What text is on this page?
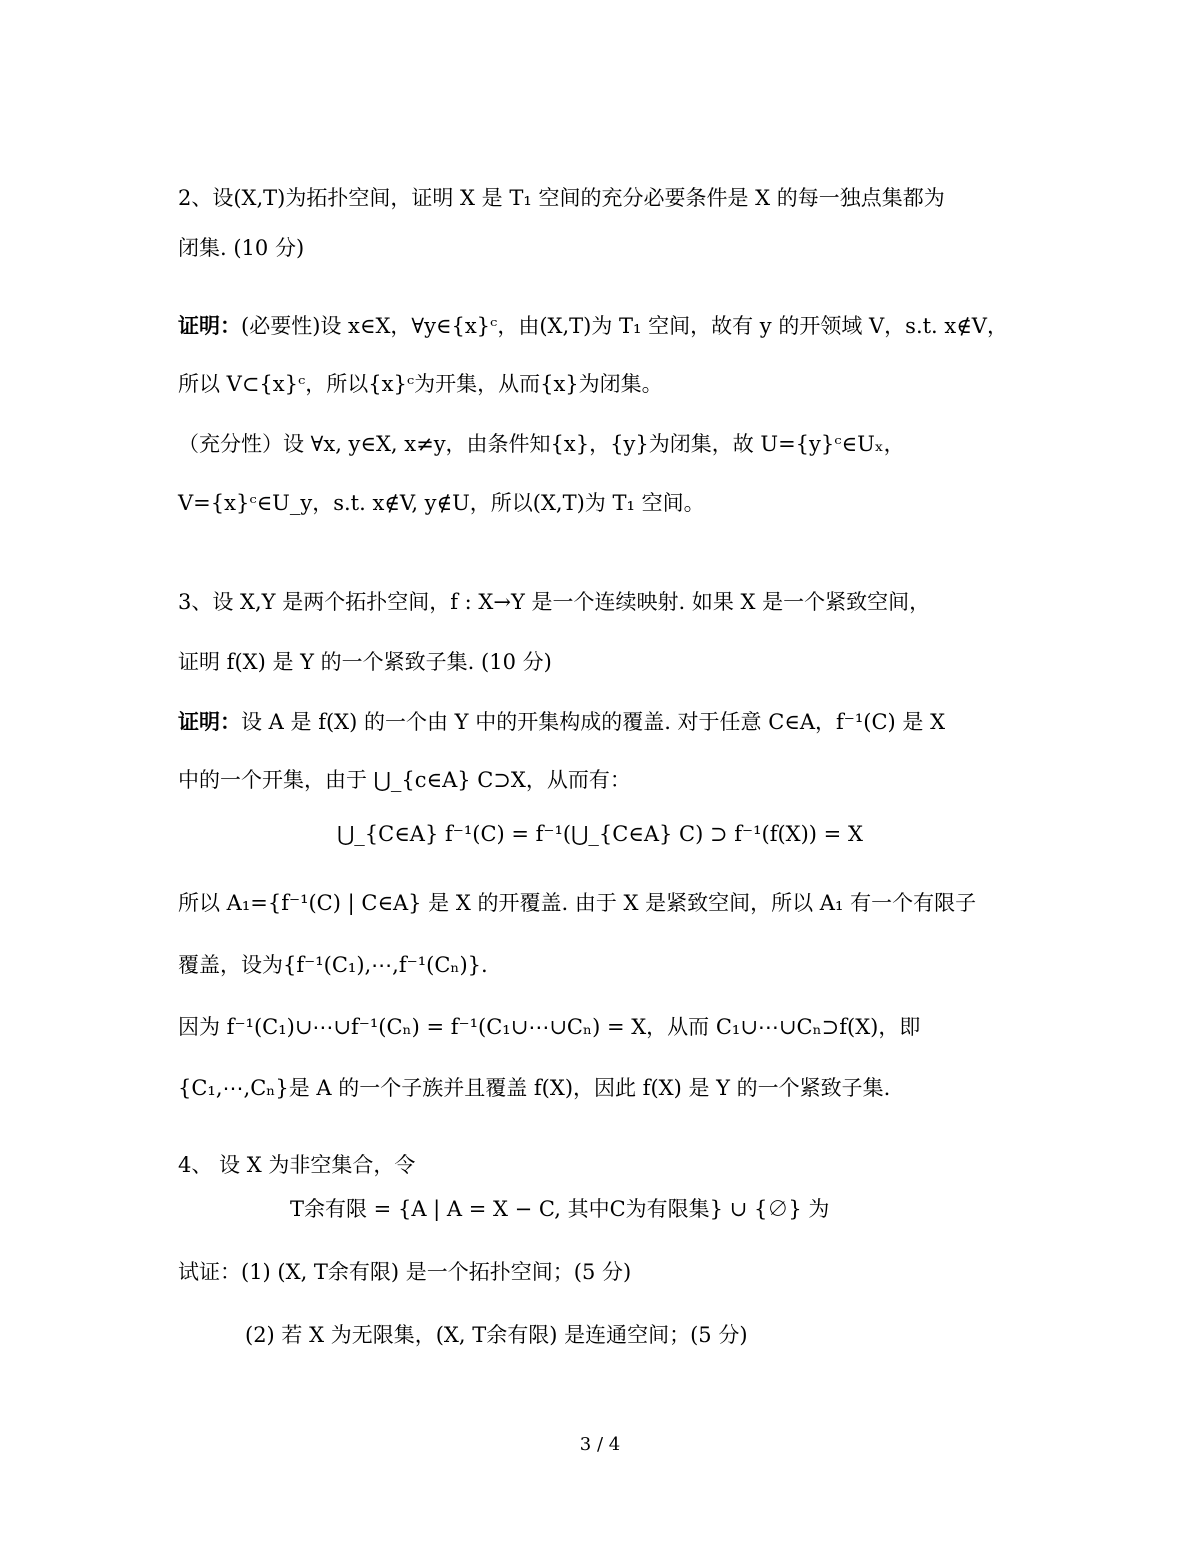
2、设(X,T)为拓扑空间，证明 X 是 T₁ 空间的充分必要条件是 X 的每一独点集都为
闭集. (10 分)
证明：(必要性)设 x∈X，∀y∈{x}ᶜ，由(X,T)为 T₁ 空间，故有 y 的开领域 V，s.t. x∉V，
所以 V⊂{x}ᶜ，所以{x}ᶜ为开集，从而{x}为闭集。
（充分性）设 ∀x, y∈X, x≠y，由条件知{x}，{y}为闭集，故 U={y}ᶜ∈Uₓ，
V={x}ᶜ∈U_y，s.t. x∉V, y∉U，所以(X,T)为 T₁ 空间。
3、设 X,Y 是两个拓扑空间，f : X→Y 是一个连续映射. 如果 X 是一个紧致空间，
证明 f(X) 是 Y 的一个紧致子集. (10 分)
证明：设 A 是 f(X) 的一个由 Y 中的开集构成的覆盖. 对于任意 C∈A，f⁻¹(C) 是 X
中的一个开集，由于 ⋃_{c∈A} C⊃X，从而有：
⋃_{C∈A} f⁻¹(C) = f⁻¹(⋃_{C∈A} C) ⊃ f⁻¹(f(X)) = X
所以 A₁={f⁻¹(C) | C∈A} 是 X 的开覆盖. 由于 X 是紧致空间，所以 A₁ 有一个有限子
覆盖，设为{f⁻¹(C₁),⋯,f⁻¹(Cₙ)}.
因为 f⁻¹(C₁)∪⋯∪f⁻¹(Cₙ) = f⁻¹(C₁∪⋯∪Cₙ) = X，从而 C₁∪⋯∪Cₙ⊃f(X)，即
{C₁,⋯,Cₙ}是 A 的一个子族并且覆盖 f(X)，因此 f(X) 是 Y 的一个紧致子集.
4、 设 X 为非空集合，令
T余有限 = {A | A = X − C, 其中C为有限集} ∪ {∅} 为
试证：(1) (X, T余有限) 是一个拓扑空间；(5 分)
(2) 若 X 为无限集，(X, T余有限) 是连通空间；(5 分)
3 / 4
